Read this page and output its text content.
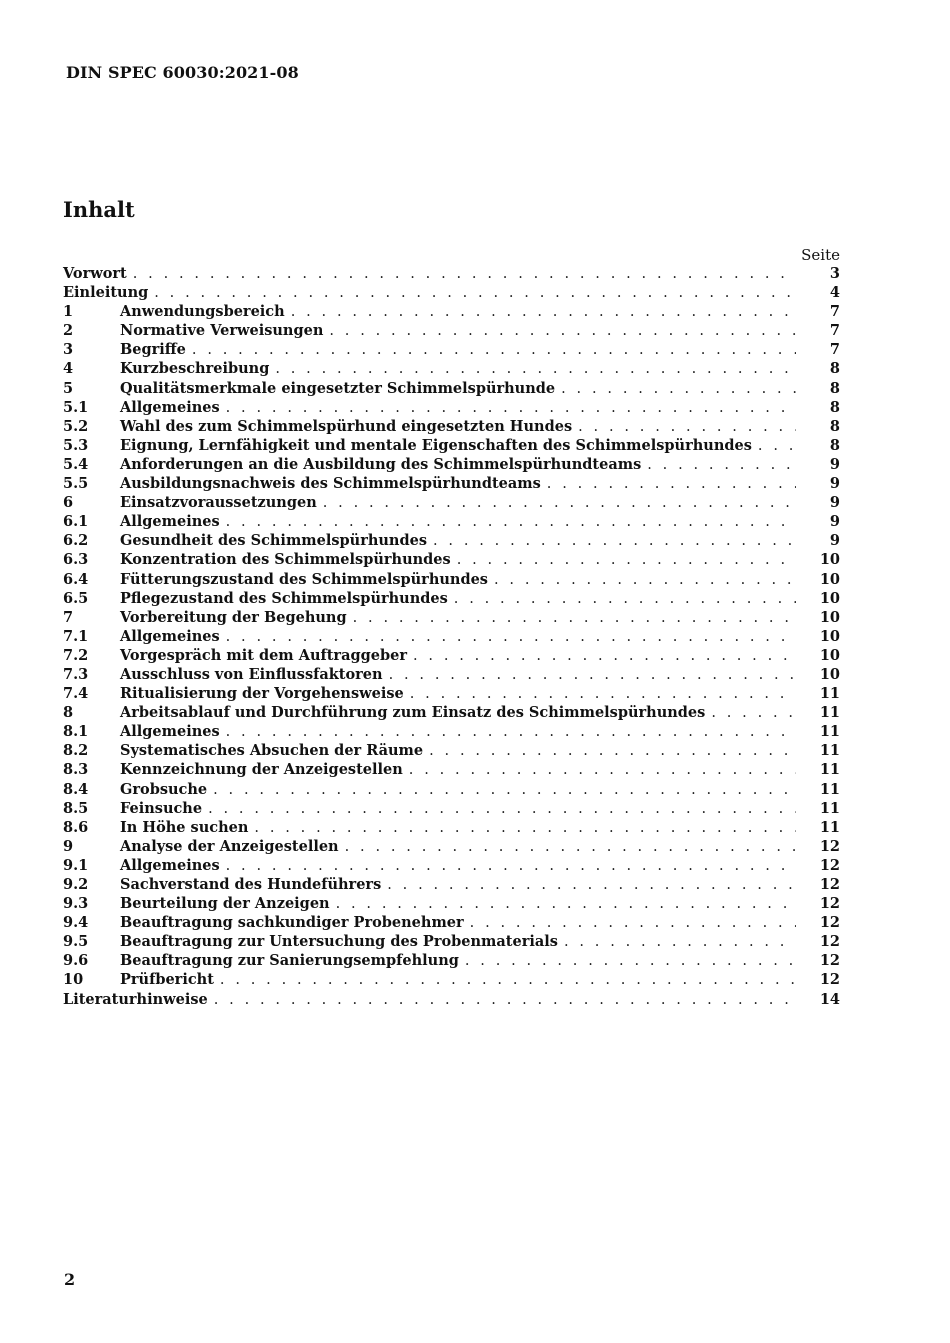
DIN SPEC 60030:2021-08
Inhalt
Seite
Vorwort . . .	3
Einleitung . . .	4
1	Anwendungsbereich . . .	7
2	Normative Verweisungen . . .	7
3	Begriffe . . .	7
4	Kurzbeschreibung . . .	8
5	Qualitätsmerkmale eingesetzter Schimmelspürhunde . . .	8
5.1	Allgemeines . . .	8
5.2	Wahl des zum Schimmelspürhund eingesetzten Hundes . . .	8
5.3	Eignung, Lernfähigkeit und mentale Eigenschaften des Schimmelspürhundes . . .	8
5.4	Anforderungen an die Ausbildung des Schimmelspürhundteams . . .	9
5.5	Ausbildungsnachweis des Schimmelspürhundteams . . .	9
6	Einsatzvoraussetzungen . . .	9
6.1	Allgemeines . . .	9
6.2	Gesundheit des Schimmelspürhundes . . .	9
6.3	Konzentration des Schimmelspürhundes . . .	10
6.4	Fütterungszustand des Schimmelspürhundes . . .	10
6.5	Pflegezustand des Schimmelspürhundes . . .	10
7	Vorbereitung der Begehung . . .	10
7.1	Allgemeines . . .	10
7.2	Vorgespräch mit dem Auftraggeber . . .	10
7.3	Ausschluss von Einflussfaktoren . . .	10
7.4	Ritualisierung der Vorgehensweise . . .	11
8	Arbeitsablauf und Durchführung zum Einsatz des Schimmelspürhundes . . .	11
8.1	Allgemeines . . .	11
8.2	Systematisches Absuchen der Räume . . .	11
8.3	Kennzeichnung der Anzeigestellen . . .	11
8.4	Grobsuche . . .	11
8.5	Feinsuche . . .	11
8.6	In Höhe suchen . . .	11
9	Analyse der Anzeigestellen . . .	12
9.1	Allgemeines . . .	12
9.2	Sachverstand des Hundeführers . . .	12
9.3	Beurteilung der Anzeigen . . .	12
9.4	Beauftragung sachkundiger Probenehmer . . .	12
9.5	Beauftragung zur Untersuchung des Probenmaterials . . .	12
9.6	Beauftragung zur Sanierungsempfehlung . . .	12
10	Prüfbericht . . .	12
Literaturhinweise . . .	14
2
